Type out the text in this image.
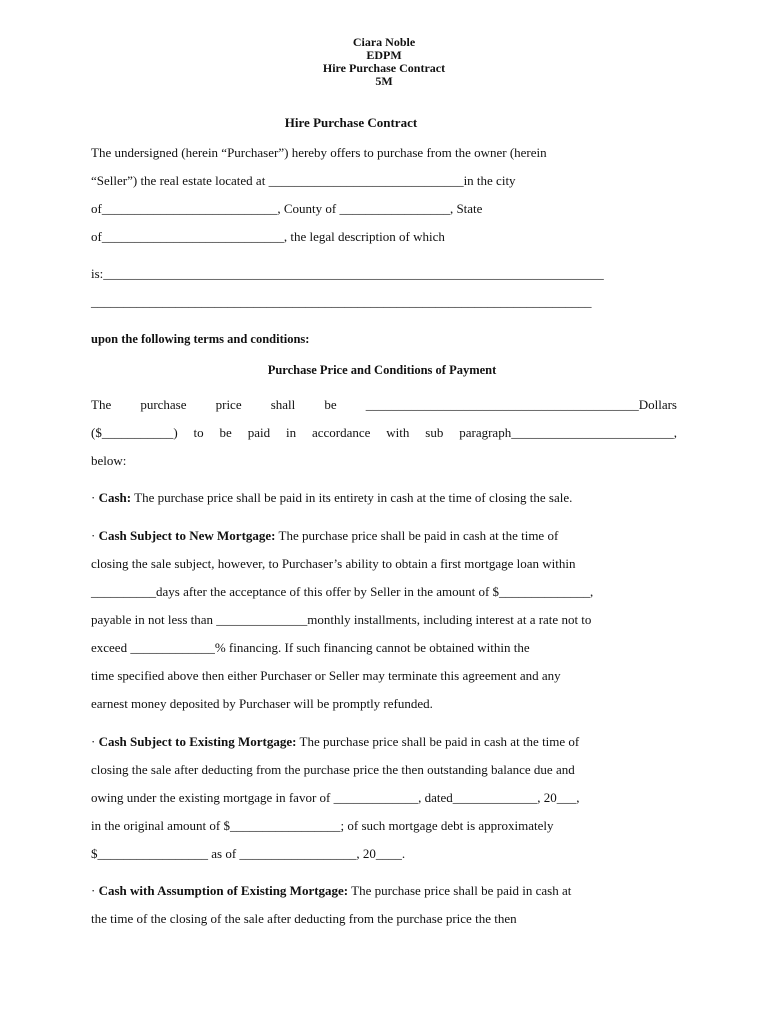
Ciara Noble
EDPM
Hire Purchase Contract
5M
Hire Purchase Contract
The undersigned (herein “Purchaser”) hereby offers to purchase from the owner (herein
“Seller”) the real estate located at ______________________________in the city
of___________________________, County of _________________, State
of____________________________, the legal description of which
is:_____________________________________________________________________________
_____________________________________________________________________________
upon the following terms and conditions:
Purchase Price and Conditions of Payment
The purchase price shall be __________________________________________Dollars
($___________) to be paid in accordance with sub paragraph_________________________,
below:
· Cash: The purchase price shall be paid in its entirety in cash at the time of closing the sale.
· Cash Subject to New Mortgage: The purchase price shall be paid in cash at the time of
closing the sale subject, however, to Purchaser’s ability to obtain a first mortgage loan within
__________days after the acceptance of this offer by Seller in the amount of $______________,
payable in not less than ______________monthly installments, including interest at a rate not to
exceed _____________% financing. If such financing cannot be obtained within the
time specified above then either Purchaser or Seller may terminate this agreement and any
earnest money deposited by Purchaser will be promptly refunded.
· Cash Subject to Existing Mortgage: The purchase price shall be paid in cash at the time of
closing the sale after deducting from the purchase price the then outstanding balance due and
owing under the existing mortgage in favor of _____________, dated_____________, 20___,
in the original amount of $_________________; of such mortgage debt is approximately
$_________________ as of __________________, 20____.
· Cash with Assumption of Existing Mortgage: The purchase price shall be paid in cash at
the time of the closing of the sale after deducting from the purchase price the then
